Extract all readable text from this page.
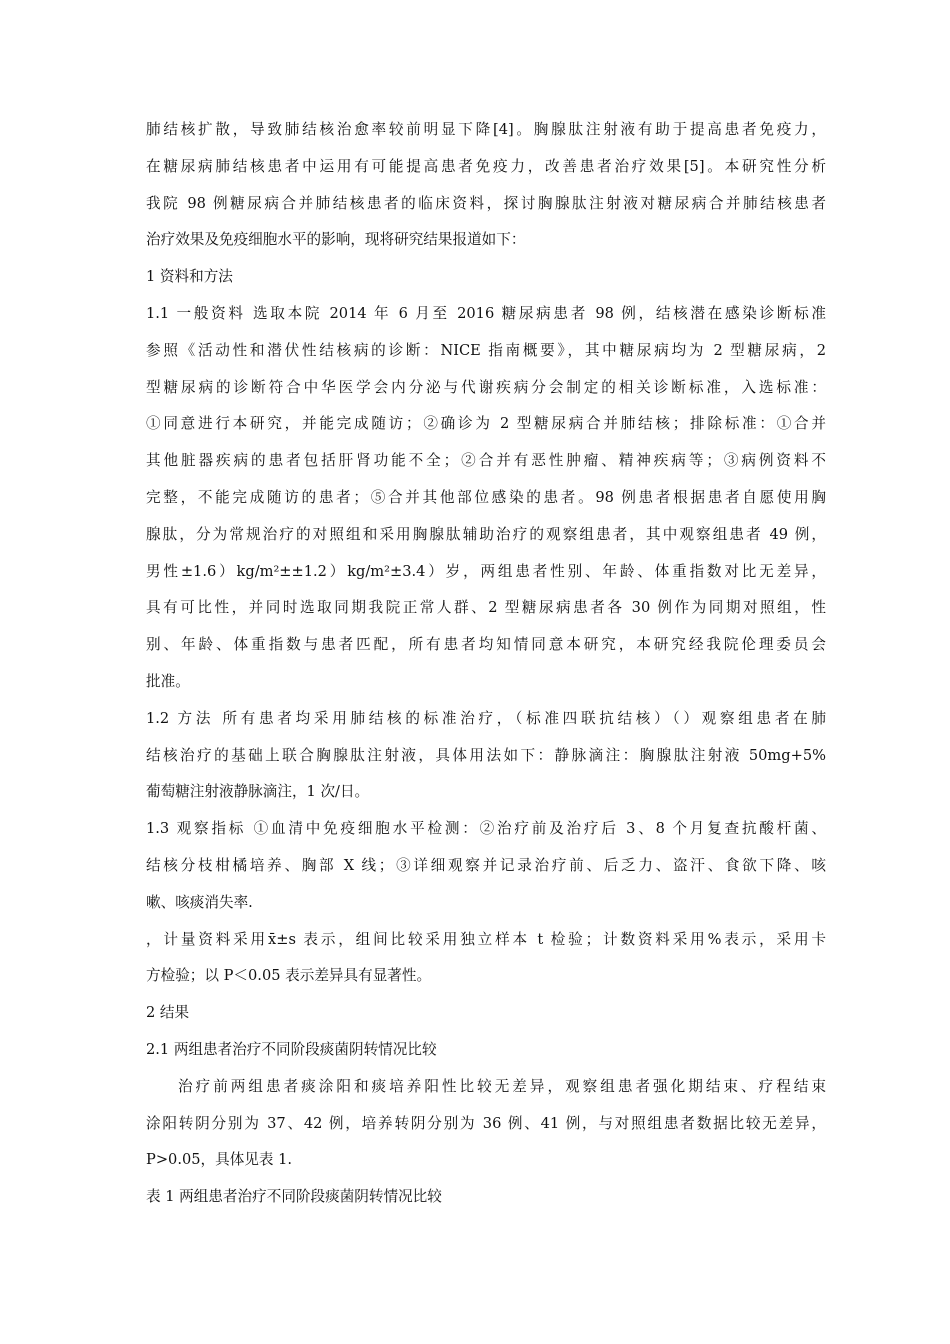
肺结核扩散，导致肺结核治愈率较前明显下降[4]。胸腺肽注射液有助于提高患者免疫力，
在糖尿病肺结核患者中运用有可能提高患者免疫力，改善患者治疗效果[5]。本研究性分析
我院 98 例糖尿病合并肺结核患者的临床资料，探讨胸腺肽注射液对糖尿病合并肺结核患者
治疗效果及免疫细胞水平的影响，现将研究结果报道如下：
1 资料和方法
1.1 一般资料 选取本院 2014 年 6 月至 2016 糖尿病患者 98 例，结核潜在感染诊断标准
参照《活动性和潜伏性结核病的诊断：NICE 指南概要》，其中糖尿病均为 2 型糖尿病，2
型糖尿病的诊断符合中华医学会内分泌与代谢疾病分会制定的相关诊断标准，入选标准：
①同意进行本研究，并能完成随访；②确诊为 2 型糖尿病合并肺结核；排除标准：①合并
其他脏器疾病的患者包括肝肾功能不全；②合并有恶性肿瘤、精神疾病等；③病例资料不
完整，不能完成随访的患者；⑤合并其他部位感染的患者。98 例患者根据患者自愿使用胸
腺肽，分为常规治疗的对照组和采用胸腺肽辅助治疗的观察组患者，其中观察组患者 49 例，
男性±1.6）kg/m²±±1.2）kg/m²±3.4）岁，两组患者性别、年龄、体重指数对比无差异，
具有可比性，并同时选取同期我院正常人群、2 型糖尿病患者各 30 例作为同期对照组，性
别、年龄、体重指数与患者匹配，所有患者均知情同意本研究，本研究经我院伦理委员会
批准。
1.2 方法 所有患者均采用肺结核的标准治疗，（标准四联抗结核）（）观察组患者在肺
结核治疗的基础上联合胸腺肽注射液，具体用法如下：静脉滴注：胸腺肽注射液 50mg+5%
葡萄糖注射液静脉滴注，1 次/日。
1.3 观察指标 ①血清中免疫细胞水平检测：②治疗前及治疗后 3、8 个月复查抗酸杆菌、
结核分枝柑橘培养、胸部 X 线；③详细观察并记录治疗前、后乏力、盗汗、食欲下降、咳
嗽、咳痰消失率.
，计量资料采用x̄±s 表示，组间比较采用独立样本 t 检验；计数资料采用%表示，采用卡
方检验；以 P＜0.05 表示差异具有显著性。
2 结果
2.1 两组患者治疗不同阶段痰菌阴转情况比较
治疗前两组患者痰涂阳和痰培养阳性比较无差异，观察组患者强化期结束、疗程结束
涂阳转阴分别为 37、42 例，培养转阴分别为 36 例、41 例，与对照组患者数据比较无差异，
P>0.05，具体见表 1.
表 1 两组患者治疗不同阶段痰菌阴转情况比较
